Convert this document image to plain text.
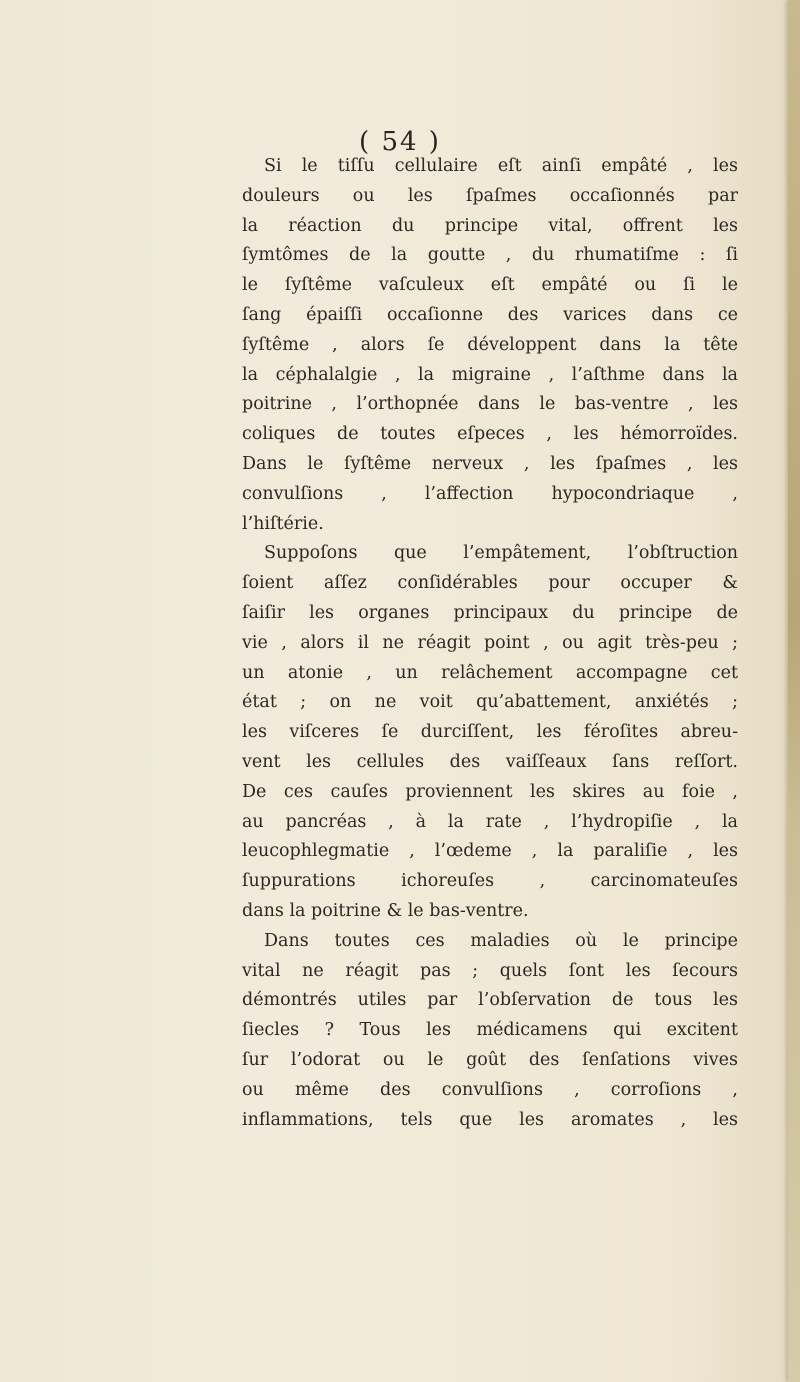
( 54 )
Si le tiſſu cellulaire eſt ainſi empâté , les
douleurs ou les ſpaſmes occaſionnés par
la réaction du principe vital, offrent les
ſymtômes de la goutte , du rhumatiſme : ſi
le ſyſtême vaſculeux eſt empâté ou ſi le
ſang épaiſſi occaſionne des varices dans ce
ſyſtême , alors ſe développent dans la tête
la céphalalgie , la migraine , l’aſthme dans la
poitrine , l’orthopnée dans le bas-ventre , les
coliques de toutes eſpeces , les hémorroïdes.
Dans le ſyſtême nerveux , les ſpaſmes , les
convulſions , l’affection hypocondriaque ,
l’hiſtérie.
Suppoſons que l’empâtement, l’obſtruction
ſoient aſſez conſidérables pour occuper &
ſaiſir les organes principaux du principe de
vie , alors il ne réagit point , ou agit très-peu ;
un atonie , un relâchement accompagne cet
état ; on ne voit qu’abattement, anxiétés ;
les viſceres ſe durciſſent, les féroſites abreu-
vent les cellules des vaiſſeaux ſans reſſort.
De ces cauſes proviennent les skires au foie ,
au pancréas , à la rate , l’hydropiſie , la
leucophlegmatie , l’œdeme , la paraliſie , les
ſuppurations ichoreuſes , carcinomateuſes
dans la poitrine & le bas-ventre.
Dans toutes ces maladies où le principe
vital ne réagit pas ; quels ſont les ſecours
démontrés utiles par l’obſervation de tous les
ſiecles ? Tous les médicamens qui excitent
ſur l’odorat ou le goût des ſenſations vives
ou même des convulſions , corroſions ,
inflammations, tels que les aromates , les
